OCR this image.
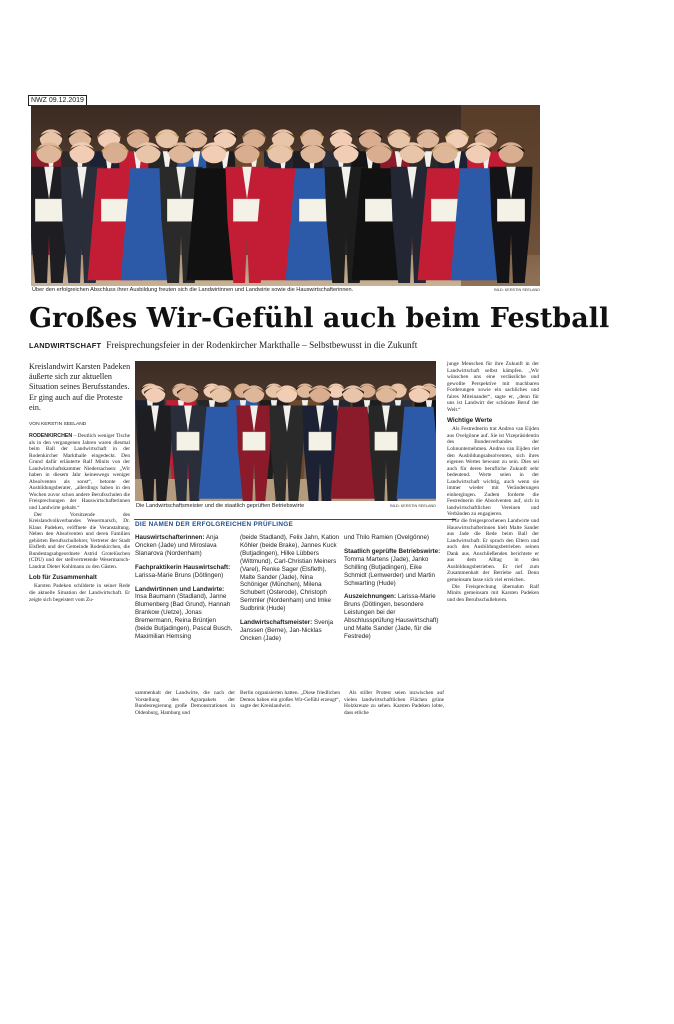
NWZ 09.12.2019
Über den erfolgreichen Abschluss ihrer Ausbildung freuten sich die Landwirtinnen und Landwirte sowie die Hauswirtschafterinnen.	BILD: KERSTIN SEELAND
Großes Wir-Gefühl auch beim Festball
LANDWIRTSCHAFT Freisprechungsfeier in der Rodenkircher Markthalle – Selbstbewusst in die Zukunft
Kreislandwirt Karsten Padeken äußerte sich zur aktuellen Situation seines Berufsstandes. Er ging auch auf die Proteste ein.
VON KERSTIN SEELAND

RODENKIRCHEN – Deutlich weniger Tische als in den vergangenen Jahren waren diesmal beim Ball der Landwirtschaft in der Rodenkircher Markthalle eingedeckt. Den Grund dafür erläuterte Ralf Minits von der Landwirtschaftskammer Niedersachsen: „Wir haben in diesem Jahr keineswegs weniger Absolventen als sonst“, betonte der Ausbildungsberater, „allerdings haben in den Wochen zuvor schon andere Berufsschulen die Freisprechungen der Hauswirtschafterinnen und Landwirte gehabt.“

Der Vorsitzende des Kreislandvolkverbandes Wesermarsch, Dr. Klaus Padeken, eröffnete die Veranstaltung. Neben den Absolventen und deren Familien gehörten Berufsschullehrer, Vertreter der Stadt Elsfleth und der Gemeinde Rodenkirchen, die Bundestagsabgeordnete Astrid Grotelüschen (CDU) und der stellvertretende Wesermarsch-Landrat Dieter Kohlmann zu den Gästen.

Lob für Zusammenhalt

Karsten Padeken schilderte in seiner Rede die aktuelle Situation der Landwirtschaft. Er zeigte sich begeistert vom Zu-

Die Landwirtschaftsmeister und die staatlich geprüften Betriebswirte	BILD: KERSTIN SEELAND
DIE NAMEN DER ERFOLGREICHEN PRÜFLINGE
Hauswirtschafterinnen: Anja Oncken (Jade) und Miroslava Slanarova (Nordenham)
Fachpraktikerin Hauswirtschaft: Larissa-Marie Bruns (Dötlingen)
Landwirtinnen und Landwirte: Insa Baumann (Stadland), Janne Blumenberg (Bad Grund), Hannah Brankow (Uetze), Jonas Bremermann, Reina Brüntjen (beide Butjadingen), Pascal Busch, Maximilian Hemsing
(beide Stadland), Felix Jahn, Kation Köhler (beide Brake), Jannes Kuck (Butjadingen), Hilke Lübbers (Wittmund), Carl-Christian Meiners (Varel), Renke Sager (Elsfleth), Malte Sander (Jade), Nina Schöniger (München), Milena Schubert (Osterode), Christoph Semmler (Nordenham) und Imke Sudbrink (Hude)
Landwirtschaftsmeister: Svenja Janssen (Berne), Jan-Nicklas Oncken (Jade)
und Thilo Ramien (Ovelgönne)
Staatlich geprüfte Betriebswirte: Tomma Martens (Jade), Janko Schilling (Butjadingen), Eike Schmidt (Lemwerder) und Martin Schwarting (Hude)
Auszeichnungen: Larissa-Marie Bruns (Dötlingen, besondere Leistungen bei der Abschlussprüfung Hauswirtschaft) und Malte Sander (Jade, für die Festrede)

sammenhalt der Landwirte, die nach der Vorstellung des Agrarpakets der Bundesregierung große Demonstrationen in Oldenburg, Hamburg und

Berlin organisierten hatten. „Diese friedlichen Demos haben ein großes Wir-Gefühl erzeugt“, sagte der Kreislandwirt.

Als stiller Protest seien inzwischen auf vielen landwirtschaftlichen Flächen grüne Holzkreuze zu sehen. Karsten Padeken lobte, dass etliche

junge Menschen für ihre Zukunft in der Landwirtschaft selbst kämpfen. „Wir wünschen uns eine verlässliche und gewollte Perspektive mit machbaren Forderungen sowie ein sachliches und faires Miteinander“, sagte er, „denn für uns ist Landwirt der schönste Beruf der Welt.“

Wichtige Werte

Als Festrednerin trat Andrea van Eijden aus Ovelgönne auf. Sie ist Vizepräsidentin des Bundesverbandes der Lohnunternehmen. Andrea van Eijden riet den Ausbildungsabsolventen, sich ihres eigenen Wertes bewusst zu sein. Dies sei auch für deren berufliche Zukunft sehr bedeutend. Werte seien in der Landwirtschaft wichtig, auch wenn sie immer wieder mit Veränderungen einhergingen. Zudem forderte die Festrednerin die Absolventen auf, sich in landwirtschaftlichen Vereinen und Verbänden zu engagieren.

Für die freigesprochenen Landwirte und Hauswirtschafterinnen hielt Malte Sander aus Jade die Rede beim Ball der Landwirtschaft. Er sprach den Eltern und auch den Ausbildungsbetrieben seinen Dank aus. Anschließenden berichtete er aus dem Alltag in den Ausbildungsbetrieben. Er rief zum Zusammenhalt der Betriebe auf. Denn gemeinsam lasse sich viel erreichen.

Die Freisprechung übernahm Ralf Minits gemeinsam mit Karsten Padeken und den Berufsschullehrern.
